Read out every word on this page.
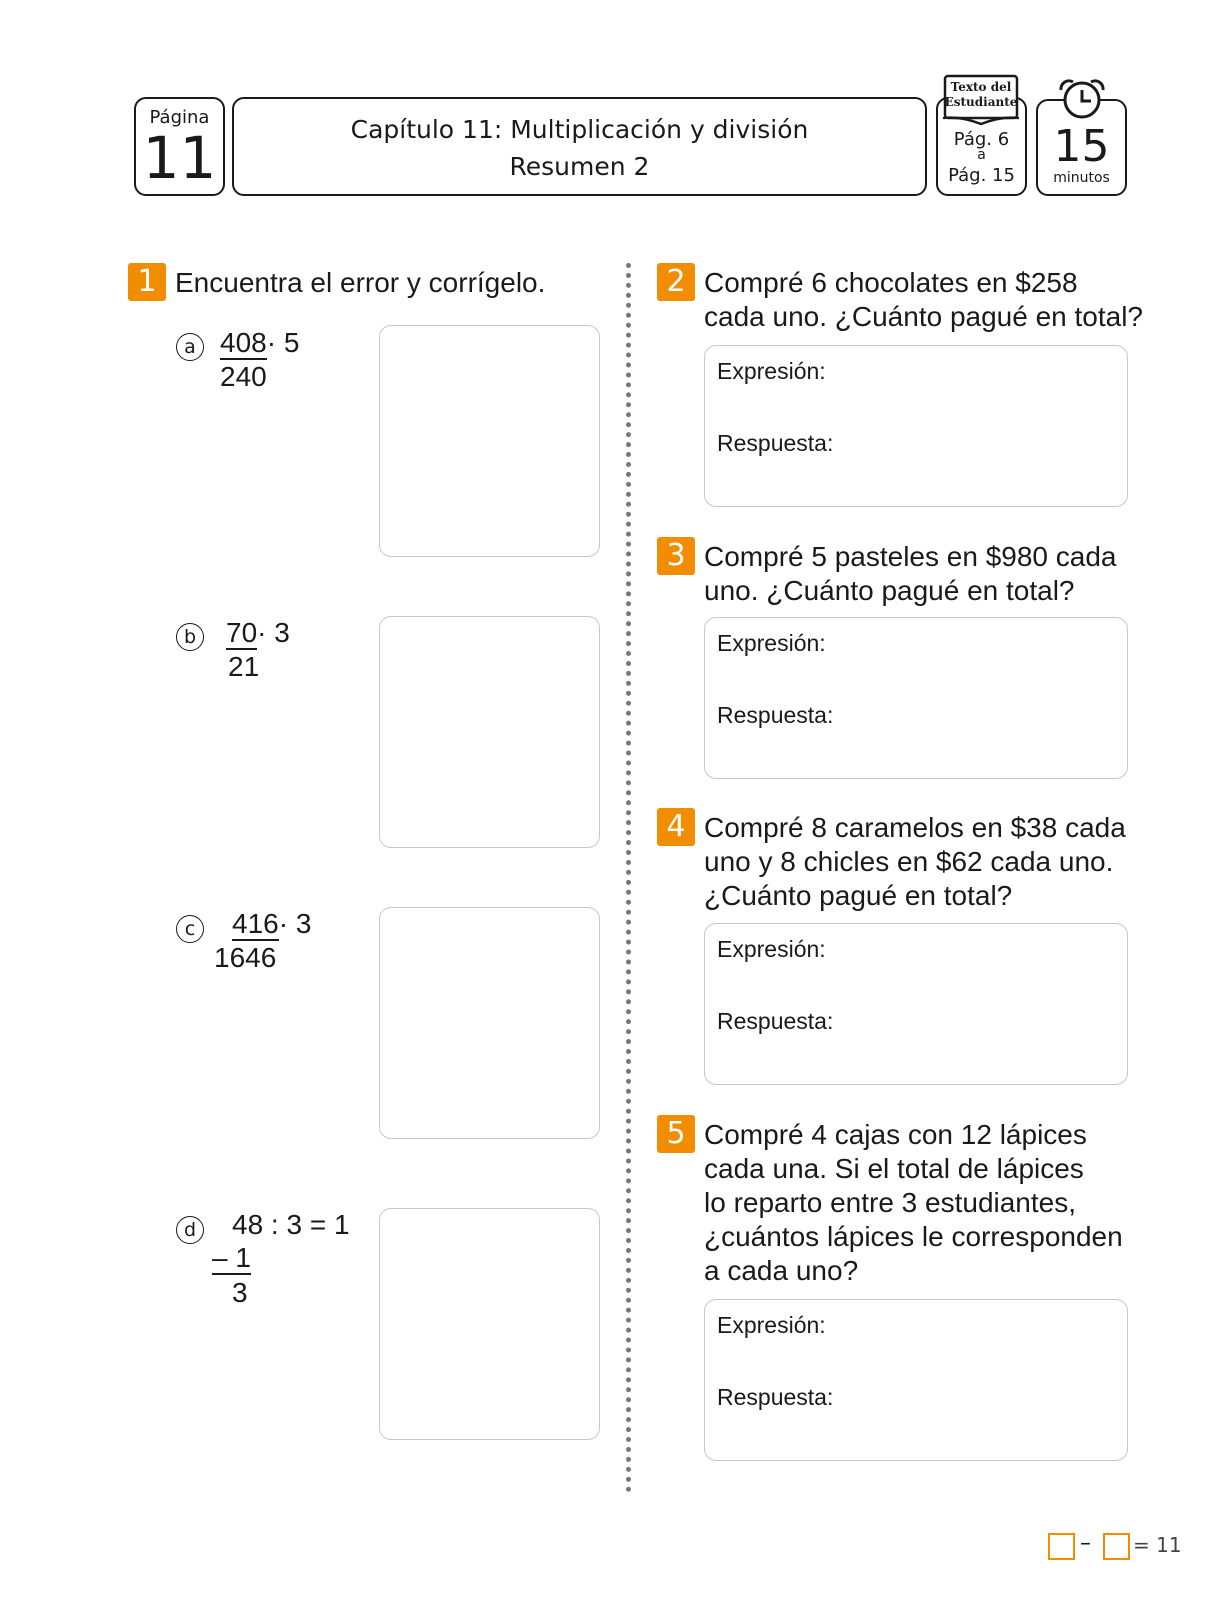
Página
11	Capítulo 11: Multiplicación y división
Resumen 2
Texto del
Estudiante
Pág. 6
a
Pág. 15
15
minutos
1 Encuentra el error y corrígelo.
a 408· 5
240
b 70· 3
21
c	416· 3
1646
d 48 : 3 = 1
– 1
3
2 Compré 6 chocolates en $258
cada uno. ¿Cuánto pagué en total?
Expresión:
Respuesta:
3 Compré 5 pasteles en $980 cada
uno. ¿Cuánto pagué en total?
Expresión:
Respuesta:
4 Compré 8 caramelos en $38 cada
uno y 8 chicles en $62 cada uno.
¿Cuánto pagué en total?
Expresión:
Respuesta:
5 Compré 4 cajas con 12 lápices
cada una. Si el total de lápices
lo reparto entre 3 estudiantes,
¿cuántos lápices le corresponden
a cada uno?
Expresión:
Respuesta:
– = 11
